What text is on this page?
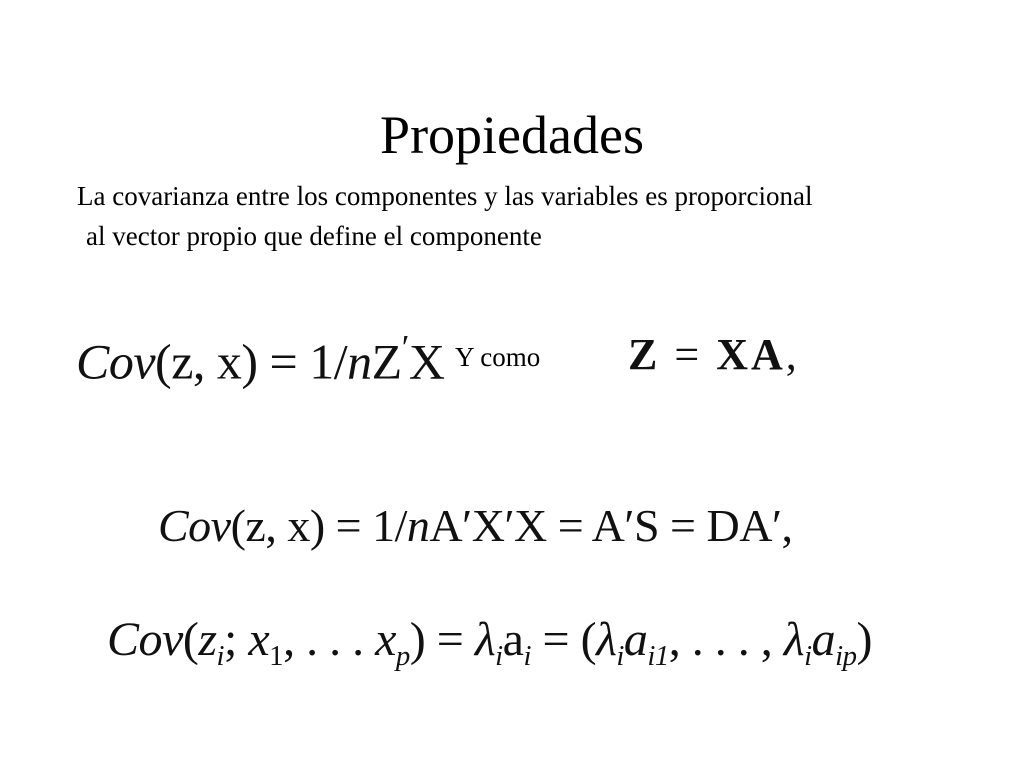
Propiedades

La covarianza entre los componentes y las variables es proporcional
al vector propio que define el componente

Cov(z, x) = 1/nZ′X Y como Z = XA,
Cov(z, x) = 1/nA′X′X = A′S = DA′,
$Cov(z_i$; $x_1$, . . . $x_p) = \lambda_ia_i = (\lambda_ia_{i1}$, . . . , $\lambda_ia_{ip}$)
